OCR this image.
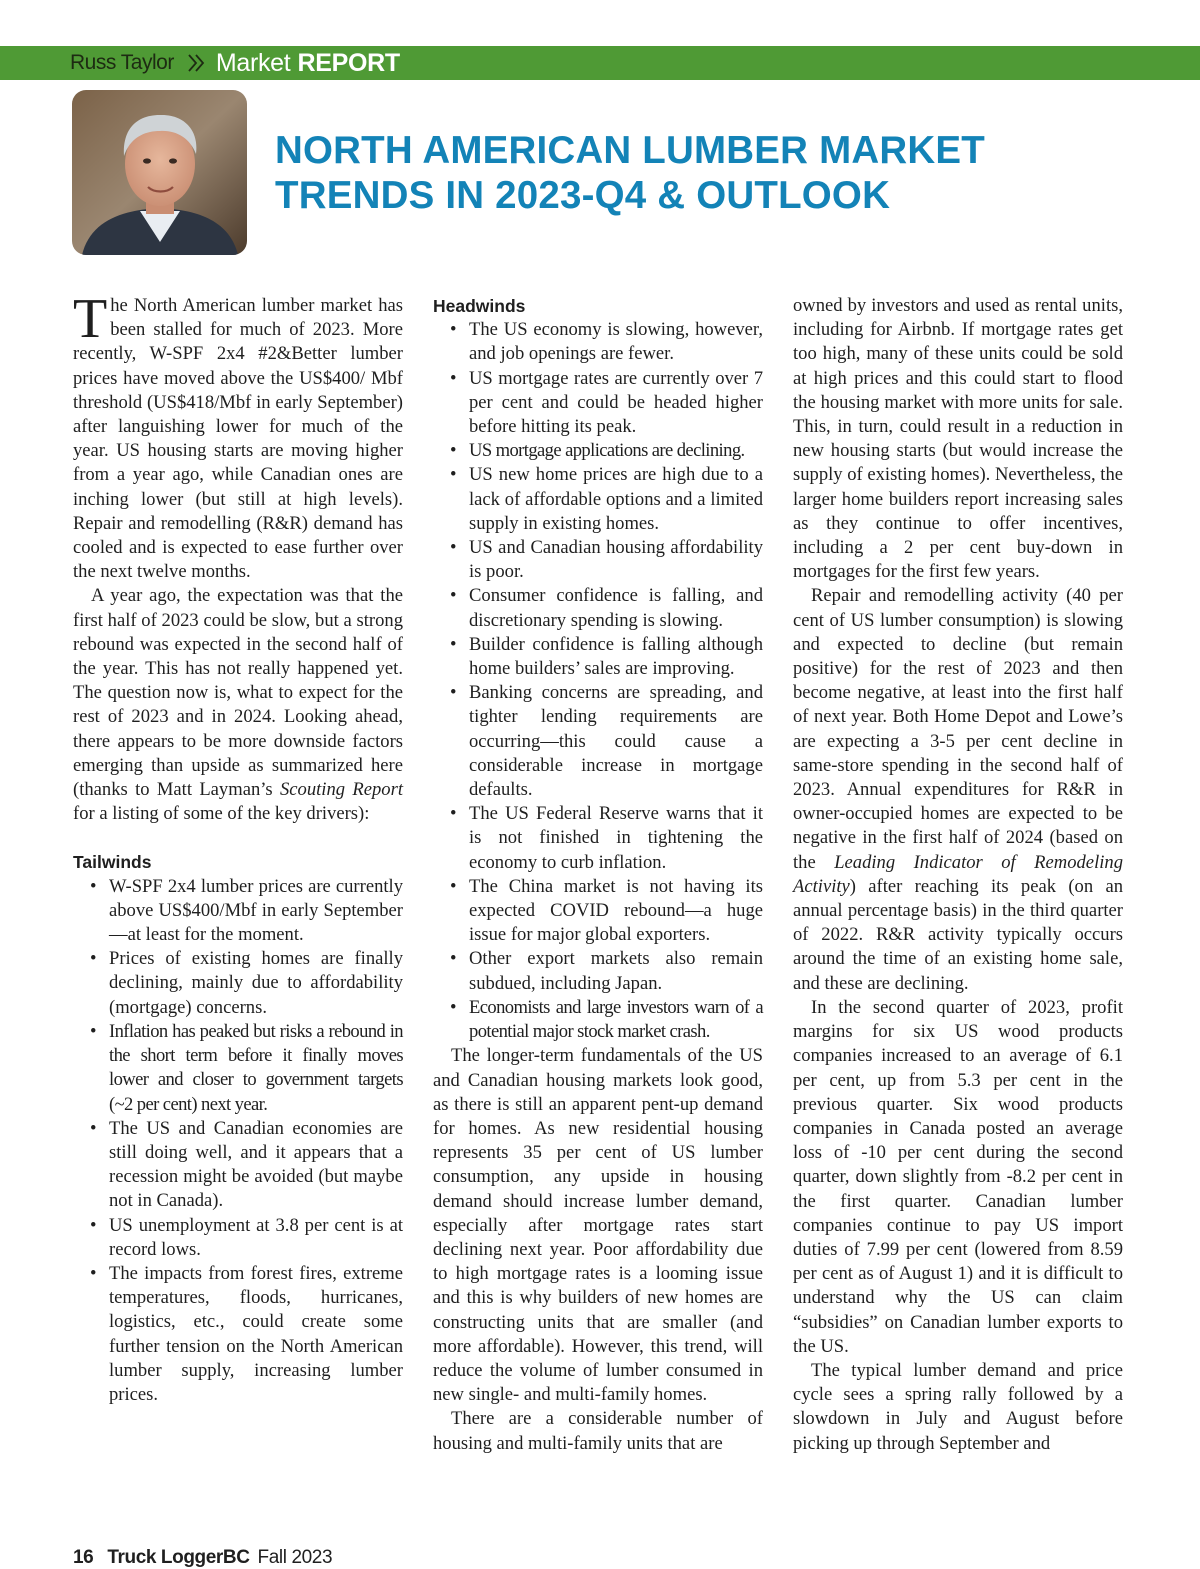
Russ Taylor Market REPORT
NORTH AMERICAN LUMBER MARKET
TRENDS IN 2023-Q4 & OUTLOOK

The North American lumber market has been stalled for much of 2023. More recently, W-SPF 2x4 #2&Better lumber prices have moved above the US$400/ Mbf threshold (US$418/Mbf in early September) after languishing lower for much of the year. US housing starts are moving higher from a year ago, while Canadian ones are inching lower (but still at high levels). Repair and remodelling (R&R) demand has cooled and is expected to ease further over the next twelve months.

A year ago, the expectation was that the first half of 2023 could be slow, but a strong rebound was expected in the second half of the year. This has not really happened yet. The question now is, what to expect for the rest of 2023 and in 2024. Looking ahead, there appears to be more downside factors emerging than upside as summarized here (thanks to Matt Layman’s Scouting Report for a listing of some of the key drivers):

Tailwinds
• W-SPF 2x4 lumber prices are currently above US$400/Mbf in early September—at least for the moment.
• Prices of existing homes are finally declining, mainly due to affordability (mortgage) concerns.
• Inflation has peaked but risks a rebound in the short term before it finally moves lower and closer to government targets (~2 per cent) next year.
• The US and Canadian economies are still doing well, and it appears that a recession might be avoided (but maybe not in Canada).
• US unemployment at 3.8 per cent is at record lows.
• The impacts from forest fires, extreme temperatures, floods, hurricanes, logistics, etc., could create some further tension on the North American lumber supply, increasing lumber prices.
Headwinds
• The US economy is slowing, however, and job openings are fewer.
• US mortgage rates are currently over 7 per cent and could be headed higher before hitting its peak.
• US mortgage applications are declining.
• US new home prices are high due to a lack of affordable options and a limited supply in existing homes.
• US and Canadian housing affordability is poor.
• Consumer confidence is falling, and discretionary spending is slowing.
• Builder confidence is falling although home builders’ sales are improving.
• Banking concerns are spreading, and tighter lending requirements are occurring—this could cause a considerable increase in mortgage defaults.
• The US Federal Reserve warns that it is not finished in tightening the economy to curb inflation.
• The China market is not having its expected COVID rebound—a huge issue for major global exporters.
• Other export markets also remain subdued, including Japan.
• Economists and large investors warn of a potential major stock market crash.

The longer-term fundamentals of the US and Canadian housing markets look good, as there is still an apparent pent-up demand for homes. As new residential housing represents 35 per cent of US lumber consumption, any upside in housing demand should increase lumber demand, especially after mortgage rates start declining next year. Poor affordability due to high mortgage rates is a looming issue and this is why builders of new homes are constructing units that are smaller (and more affordable). However, this trend, will reduce the volume of lumber consumed in new single- and multi-family homes.

There are a considerable number of housing and multi-family units that are

owned by investors and used as rental units, including for Airbnb. If mortgage rates get too high, many of these units could be sold at high prices and this could start to flood the housing market with more units for sale. This, in turn, could result in a reduction in new housing starts (but would increase the supply of existing homes). Nevertheless, the larger home builders report increasing sales as they continue to offer incentives, including a 2 per cent buy-down in mortgages for the first few years.

Repair and remodelling activity (40 per cent of US lumber consumption) is slowing and expected to decline (but remain positive) for the rest of 2023 and then become negative, at least into the first half of next year. Both Home Depot and Lowe’s are expecting a 3-5 per cent decline in same-store spending in the second half of 2023. Annual expenditures for R&R in owner-occupied homes are expected to be negative in the first half of 2024 (based on the Leading Indicator of Remodeling Activity) after reaching its peak (on an annual percentage basis) in the third quarter of 2022. R&R activity typically occurs around the time of an existing home sale, and these are declining.

In the second quarter of 2023, profit margins for six US wood products companies increased to an average of 6.1 per cent, up from 5.3 per cent in the previous quarter. Six wood products companies in Canada posted an average loss of -10 per cent during the second quarter, down slightly from -8.2 per cent in the first quarter. Canadian lumber companies continue to pay US import duties of 7.99 per cent (lowered from 8.59 per cent as of August 1) and it is difficult to understand why the US can claim “subsidies” on Canadian lumber exports to the US.

The typical lumber demand and price cycle sees a spring rally followed by a slowdown in July and August before picking up through September and

16 Truck LoggerBC Fall 2023
